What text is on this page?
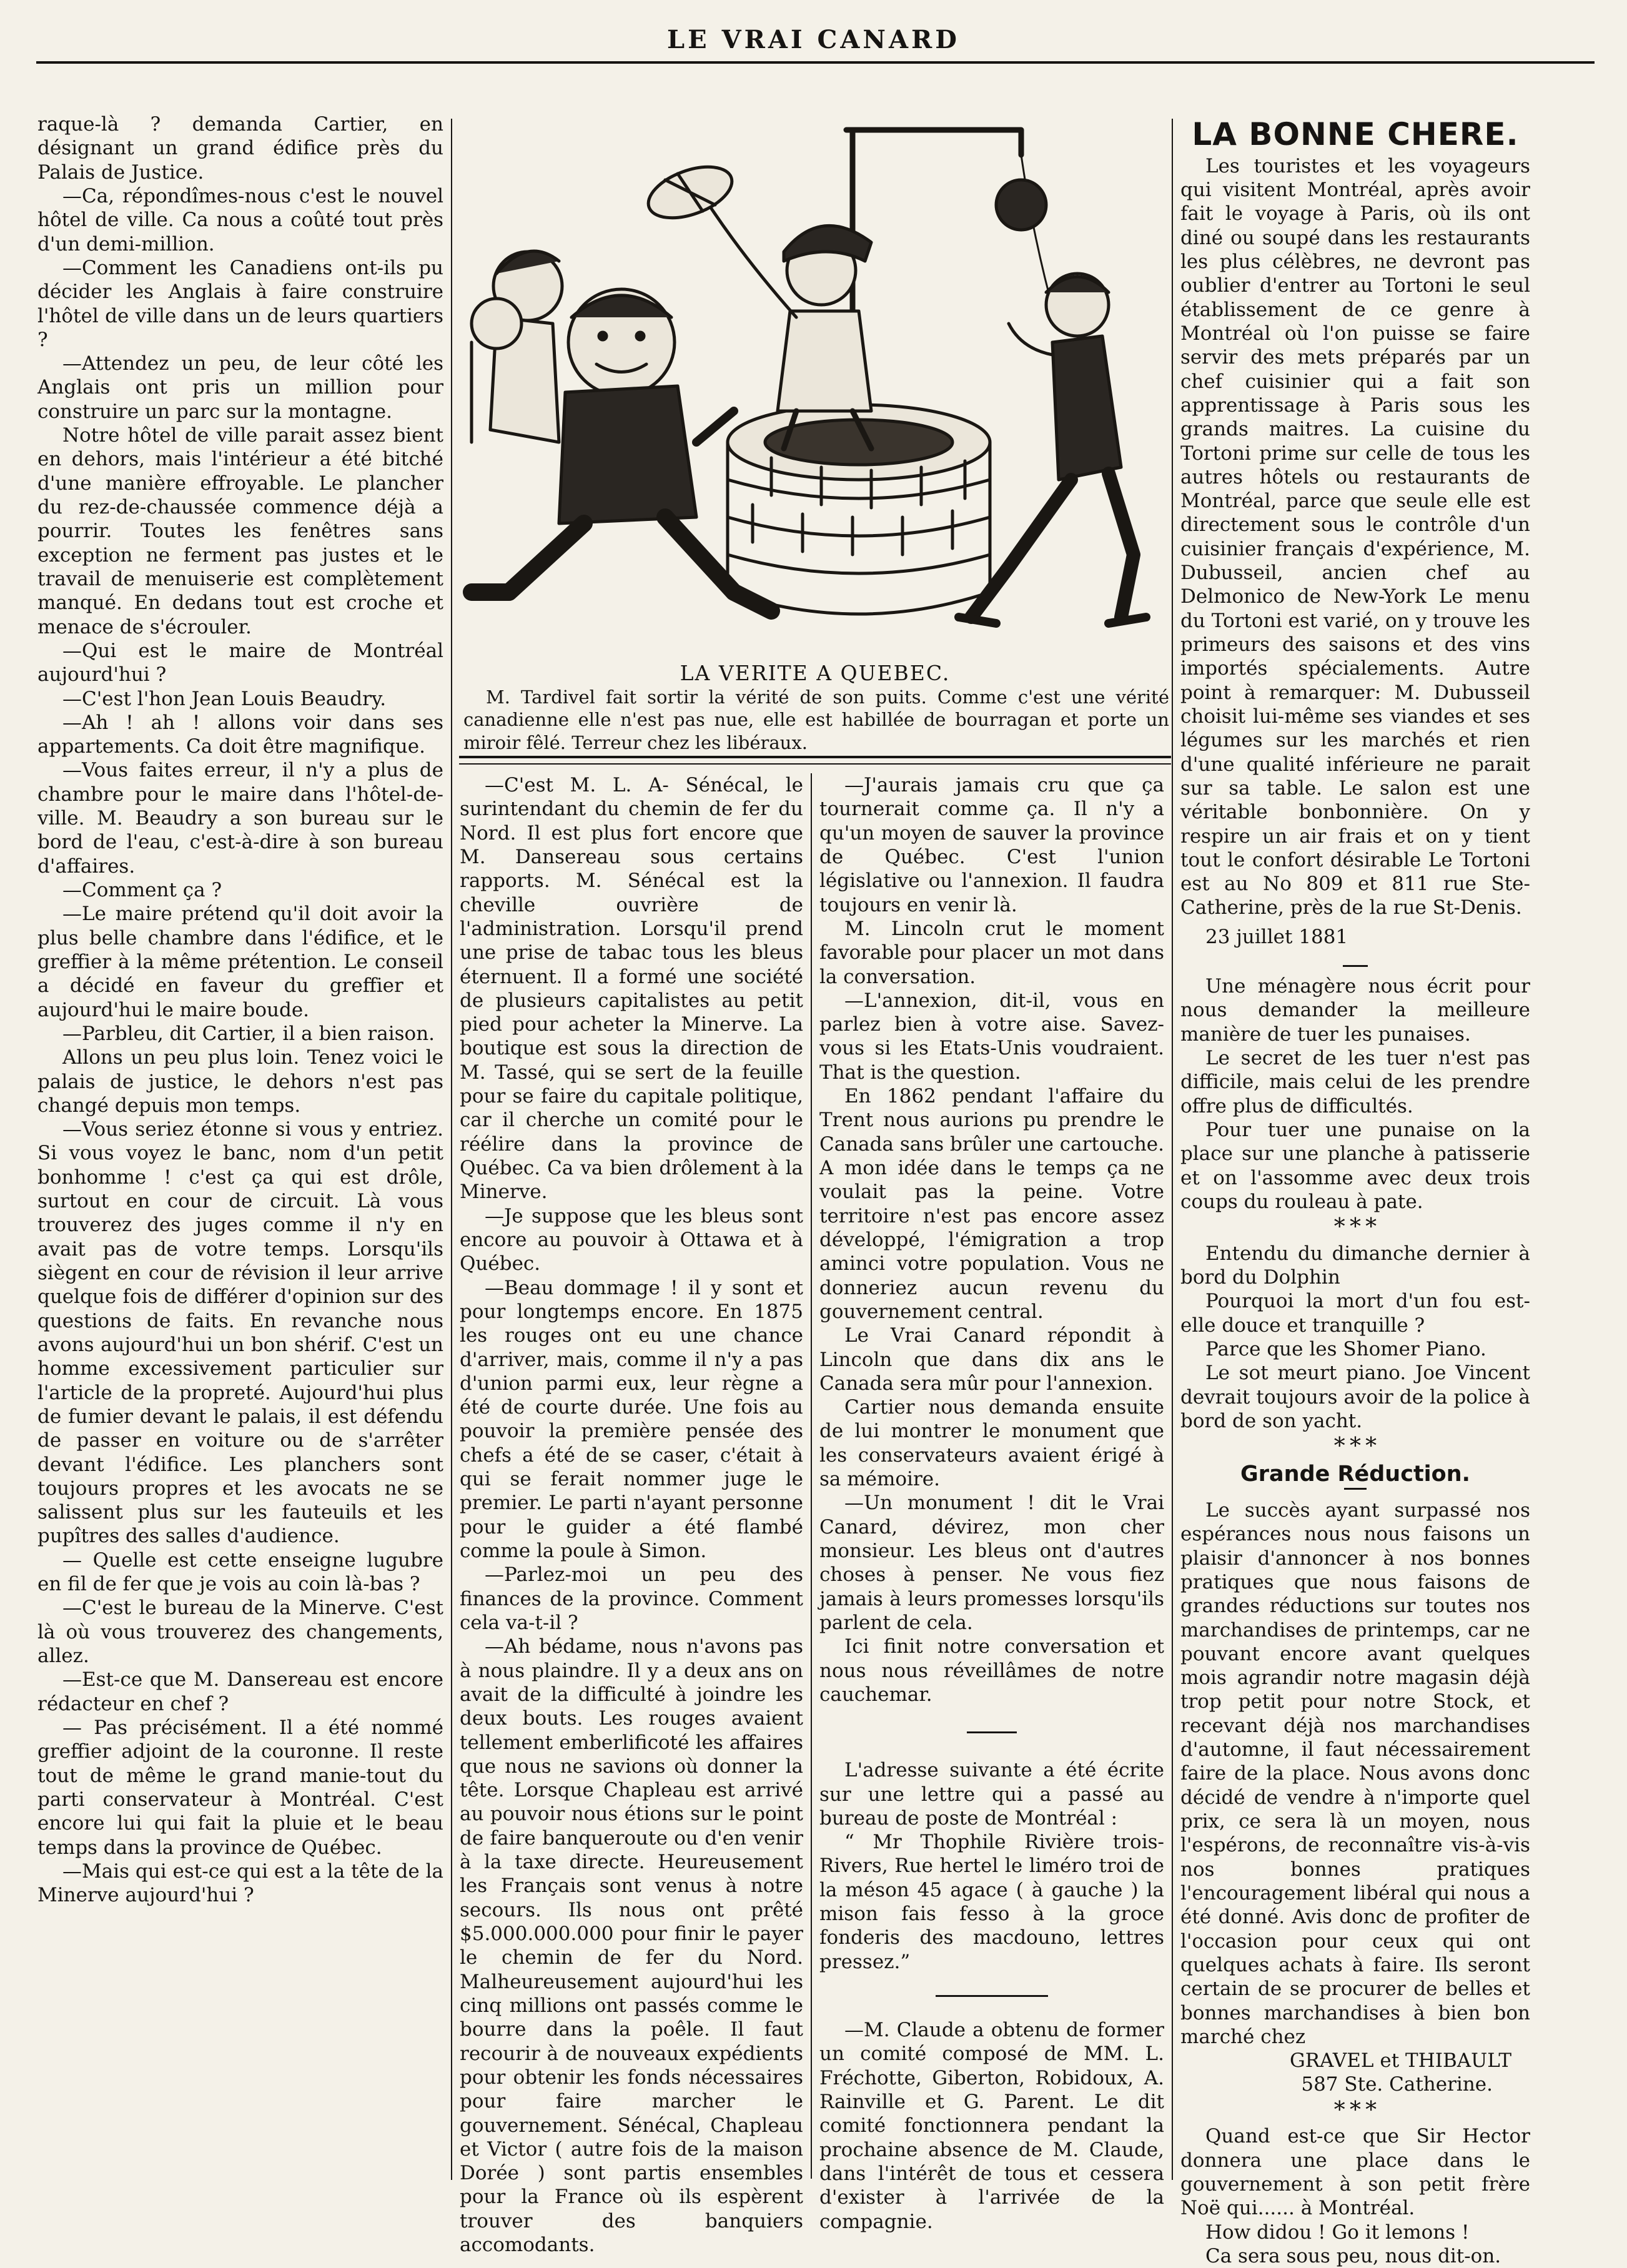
LE VRAI CANARD

raque-là ? demanda Cartier, en désignant un grand édifice près du Palais de Justice.

—Ca, répondîmes-nous c'est le nouvel hôtel de ville. Ca nous a coûté tout près d'un demi-million.

—Comment les Canadiens ont-ils pu décider les Anglais à faire construire l'hôtel de ville dans un de leurs quartiers ?

—Attendez un peu, de leur côté les Anglais ont pris un million pour construire un parc sur la montagne.

Notre hôtel de ville parait assez bient en dehors, mais l'intérieur a été bitché d'une manière effroyable. Le plancher du rez-de-chaussée commence déjà a pourrir. Toutes les fenêtres sans exception ne ferment pas justes et le travail de menuiserie est complètement manqué. En dedans tout est croche et menace de s'écrouler.

—Qui est le maire de Montréal aujourd'hui ?

—C'est l'hon Jean Louis Beaudry.

—Ah ! ah ! allons voir dans ses appartements. Ca doit être magnifique.

—Vous faites erreur, il n'y a plus de chambre pour le maire dans l'hôtel-de-ville. M. Beaudry a son bureau sur le bord de l'eau, c'est-à-dire à son bureau d'affaires.

—Comment ça ?

—Le maire prétend qu'il doit avoir la plus belle chambre dans l'édifice, et le greffier à la même prétention. Le conseil a décidé en faveur du greffier et aujourd'hui le maire boude.

—Parbleu, dit Cartier, il a bien raison.

Allons un peu plus loin. Tenez voici le palais de justice, le dehors n'est pas changé depuis mon temps.

—Vous seriez étonne si vous y entriez. Si vous voyez le banc, nom d'un petit bonhomme ! c'est ça qui est drôle, surtout en cour de circuit. Là vous trouverez des juges comme il n'y en avait pas de votre temps. Lorsqu'ils siègent en cour de révision il leur arrive quelque fois de différer d'opinion sur des questions de faits. En revanche nous avons aujourd'hui un bon shérif. C'est un homme excessivement particulier sur l'article de la propreté. Aujourd'hui plus de fumier devant le palais, il est défendu de passer en voiture ou de s'arrêter devant l'édifice. Les planchers sont toujours propres et les avocats ne se salissent plus sur les fauteuils et les pupîtres des salles d'audience.

— Quelle est cette enseigne lugubre en fil de fer que je vois au coin là-bas ?

—C'est le bureau de la Minerve. C'est là où vous trouverez des changements, allez.

—Est-ce que M. Dansereau est encore rédacteur en chef ?

— Pas précisément. Il a été nommé greffier adjoint de la couronne. Il reste tout de même le grand manie-tout du parti conservateur à Montréal. C'est encore lui qui fait la pluie et le beau temps dans la province de Québec.

—Mais qui est-ce qui est a la tête de la Minerve aujourd'hui ?

LA VERITE A QUEBEC.
M. Tardivel fait sortir la vérité de son puits. Comme c'est une vérité canadienne elle n'est pas nue, elle est habillée de bourragan et porte un miroir fêlé. Terreur chez les libéraux.

—C'est M. L. A- Sénécal, le surintendant du chemin de fer du Nord. Il est plus fort encore que M. Dansereau sous certains rapports. M. Sénécal est la cheville ouvrière de l'administration. Lorsqu'il prend une prise de tabac tous les bleus éternuent. Il a formé une société de plusieurs capitalistes au petit pied pour acheter la Minerve. La boutique est sous la direction de M. Tassé, qui se sert de la feuille pour se faire du capitale politique, car il cherche un comité pour le réélire dans la province de Québec. Ca va bien drôlement à la Minerve.

—Je suppose que les bleus sont encore au pouvoir à Ottawa et à Québec.

—Beau dommage ! il y sont et pour longtemps encore. En 1875 les rouges ont eu une chance d'arriver, mais, comme il n'y a pas d'union parmi eux, leur règne a été de courte durée. Une fois au pouvoir la première pensée des chefs a été de se caser, c'était à qui se ferait nommer juge le premier. Le parti n'ayant personne pour le guider a été flambé comme la poule à Simon.

—Parlez-moi un peu des finances de la province. Comment cela va-t-il ?

—Ah bédame, nous n'avons pas à nous plaindre. Il y a deux ans on avait de la difficulté à joindre les deux bouts. Les rouges avaient tellement emberlificoté les affaires que nous ne savions où donner la tête. Lorsque Chapleau est arrivé au pouvoir nous étions sur le point de faire banqueroute ou d'en venir à la taxe directe. Heureusement les Français sont venus à notre secours. Ils nous ont prêté $5.000.000.000 pour finir le payer le chemin de fer du Nord. Malheureusement aujourd'hui les cinq millions ont passés comme le bourre dans la poêle. Il faut recourir à de nouveaux expédients pour obtenir les fonds nécessaires pour faire marcher le gouvernement. Sénécal, Chapleau et Victor ( autre fois de la maison Dorée ) sont partis ensembles pour la France où ils espèrent trouver des banquiers accomodants.

—J'aurais jamais cru que ça tournerait comme ça. Il n'y a qu'un moyen de sauver la province de Québec. C'est l'union législative ou l'annexion. Il faudra toujours en venir là.

M. Lincoln crut le moment favorable pour placer un mot dans la conversation.

—L'annexion, dit-il, vous en parlez bien à votre aise. Savez-vous si les Etats-Unis voudraient. That is the question.

En 1862 pendant l'affaire du Trent nous aurions pu prendre le Canada sans brûler une cartouche. A mon idée dans le temps ça ne voulait pas la peine. Votre territoire n'est pas encore assez développé, l'émigration a trop aminci votre population. Vous ne donneriez aucun revenu du gouvernement central.

Le Vrai Canard répondit à Lincoln que dans dix ans le Canada sera mûr pour l'annexion.

Cartier nous demanda ensuite de lui montrer le monument que les conservateurs avaient érigé à sa mémoire.

—Un monument ! dit le Vrai Canard, dévirez, mon cher monsieur. Les bleus ont d'autres choses à penser. Ne vous fiez jamais à leurs promesses lorsqu'ils parlent de cela.

Ici finit notre conversation et nous nous réveillâmes de notre cauchemar.

L'adresse suivante a été écrite sur une lettre qui a passé au bureau de poste de Montréal :

“ Mr Thophile Rivière trois-Rivers, Rue hertel le liméro troi de la méson 45 agace ( à gauche ) la mison fais fesso à la groce fonderis des macdouno, lettres pressez.”

—M. Claude a obtenu de former un comité composé de MM. L. Fréchotte, Giberton, Robidoux, A. Rainville et G. Parent. Le dit comité fonctionnera pendant la prochaine absence de M. Claude, dans l'intérêt de tous et cessera d'exister à l'arrivée de la compagnie.

LA BONNE CHERE.

Les touristes et les voyageurs qui visitent Montréal, après avoir fait le voyage à Paris, où ils ont diné ou soupé dans les restaurants les plus célèbres, ne devront pas oublier d'entrer au Tortoni le seul établissement de ce genre à Montréal où l'on puisse se faire servir des mets préparés par un chef cuisinier qui a fait son apprentissage à Paris sous les grands maitres. La cuisine du Tortoni prime sur celle de tous les autres hôtels ou restaurants de Montréal, parce que seule elle est directement sous le contrôle d'un cuisinier français d'expérience, M. Dubusseil, ancien chef au Delmonico de New-York Le menu du Tortoni est varié, on y trouve les primeurs des saisons et des vins importés spécialements. Autre point à remarquer: M. Dubusseil choisit lui-même ses viandes et ses légumes sur les marchés et rien d'une qualité inférieure ne parait sur sa table. Le salon est une véritable bonbonnière. On y respire un air frais et on y tient tout le confort désirable Le Tortoni est au No 809 et 811 rue Ste-Catherine, près de la rue St-Denis.

23 juillet 1881

Une ménagère nous écrit pour nous demander la meilleure manière de tuer les punaises.

Le secret de les tuer n'est pas difficile, mais celui de les prendre offre plus de difficultés.

Pour tuer une punaise on la place sur une planche à patisserie et on l'assomme avec deux trois coups du rouleau à pate.

* * *

Entendu du dimanche dernier à bord du Dolphin

Pourquoi la mort d'un fou est-elle douce et tranquille ?

Parce que les Shomer Piano.

Le sot meurt piano. Joe Vincent devrait toujours avoir de la police à bord de son yacht.

* * *

Grande Réduction.

Le succès ayant surpassé nos espérances nous nous faisons un plaisir d'annoncer à nos bonnes pratiques que nous faisons de grandes réductions sur toutes nos marchandises de printemps, car ne pouvant encore avant quelques mois agrandir notre magasin déjà trop petit pour notre Stock, et recevant déjà nos marchandises d'automne, il faut nécessairement faire de la place. Nous avons donc décidé de vendre à n'importe quel prix, ce sera là un moyen, nous l'espérons, de reconnaître vis-à-vis nos bonnes pratiques l'encouragement libéral qui nous a été donné. Avis donc de profiter de l'occasion pour ceux qui ont quelques achats à faire. Ils seront certain de se procurer de belles et bonnes marchandises à bien bon marché chez

GRAVEL et THIBAULT

587 Ste. Catherine.

* * *

Quand est-ce que Sir Hector donnera une place dans le gouvernement à son petit frère Noë qui...... à Montréal.

How didou ! Go it lemons !

Ca sera sous peu, nous dit-on.
